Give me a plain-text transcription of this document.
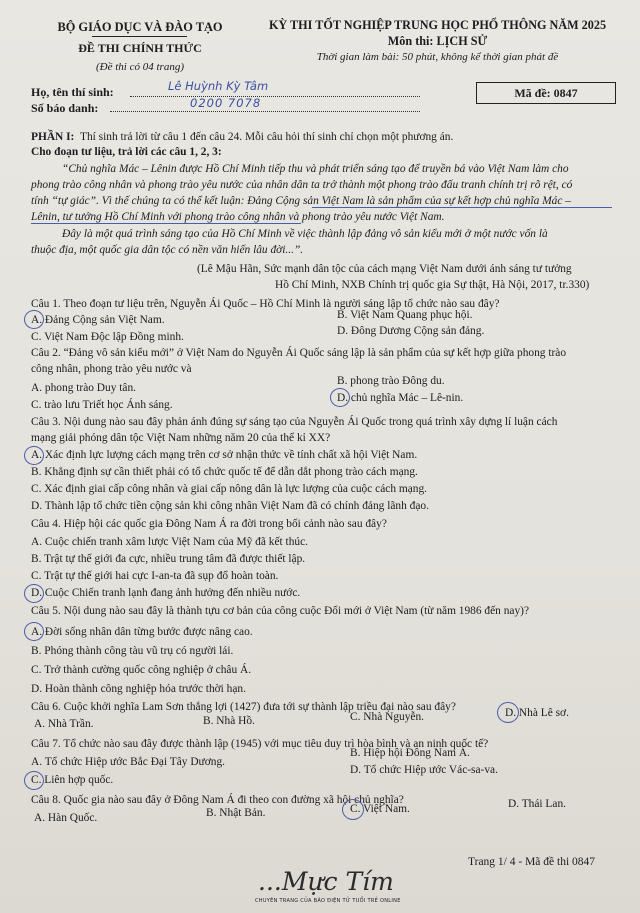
BỘ GIÁO DỤC VÀ ĐÀO TẠO
ĐỀ THI CHÍNH THỨC
(Đề thi có 04 trang)
KỲ THI TỐT NGHIỆP TRUNG HỌC PHỔ THÔNG NĂM 2025
Môn thi: LỊCH SỬ
Thời gian làm bài: 50 phút, không kể thời gian phát đề
Họ, tên thí sinh:	Lê Huỳnh Kỳ Tâm
Số báo danh:	0200 7078
Mã đề: 0847
PHẦN I: Thí sinh trả lời từ câu 1 đến câu 24. Mỗi câu hỏi thí sinh chỉ chọn một phương án.
Cho đoạn tư liệu, trả lời các câu 1, 2, 3:
“Chủ nghĩa Mác – Lênin được Hồ Chí Minh tiếp thu và phát triển sáng tạo để truyền bá vào Việt Nam làm cho
phong trào công nhân và phong trào yêu nước của nhân dân ta trở thành một phong trào đấu tranh chính trị rõ rệt, có
tính “tự giác”. Vì thế chúng ta có thể kết luận: Đảng Cộng sản Việt Nam là sản phẩm của sự kết hợp chủ nghĩa Mác –
Lênin, tư tưởng Hồ Chí Minh với phong trào công nhân và phong trào yêu nước Việt Nam.
Đây là một quá trình sáng tạo của Hồ Chí Minh về việc thành lập đảng vô sản kiểu mới ở một nước vốn là
thuộc địa, một quốc gia dân tộc có nền văn hiến lâu đời...”.
(Lê Mậu Hãn, Sức mạnh dân tộc của cách mạng Việt Nam dưới ánh sáng tư tưởng
Hồ Chí Minh, NXB Chính trị quốc gia Sự thật, Hà Nội, 2017, tr.330)
Câu 1. Theo đoạn tư liệu trên, Nguyễn Ái Quốc – Hồ Chí Minh là người sáng lập tổ chức nào sau đây?
A. Đảng Cộng sản Việt Nam.	B. Việt Nam Quang phục hội.
C. Việt Nam Độc lập Đồng minh.	D. Đông Dương Cộng sản đảng.
Câu 2. “Đảng vô sản kiểu mới” ở Việt Nam do Nguyễn Ái Quốc sáng lập là sản phẩm của sự kết hợp giữa phong trào
công nhân, phong trào yêu nước và
A. phong trào Duy tân.
B. phong trào Đông du.
C. trào lưu Triết học Ánh sáng.
D. chủ nghĩa Mác – Lê-nin.
Câu 3. Nội dung nào sau đây phản ánh đúng sự sáng tạo của Nguyễn Ái Quốc trong quá trình xây dựng lí luận cách
mạng giải phóng dân tộc Việt Nam những năm 20 của thế kỉ XX?
A. Xác định lực lượng cách mạng trên cơ sở nhận thức về tính chất xã hội Việt Nam.
B. Khẳng định sự cần thiết phải có tổ chức quốc tế để dẫn dắt phong trào cách mạng.
C. Xác định giai cấp công nhân và giai cấp nông dân là lực lượng của cuộc cách mạng.
D. Thành lập tổ chức tiền cộng sản khi công nhân Việt Nam đã có chính đảng lãnh đạo.
Câu 4. Hiệp hội các quốc gia Đông Nam Á ra đời trong bối cảnh nào sau đây?
A. Cuộc chiến tranh xâm lược Việt Nam của Mỹ đã kết thúc.
B. Trật tự thế giới đa cực, nhiều trung tâm đã được thiết lập.
C. Trật tự thế giới hai cực I-an-ta đã sụp đổ hoàn toàn.
D. Cuộc Chiến tranh lạnh đang ảnh hưởng đến nhiều nước.
Câu 5. Nội dung nào sau đây là thành tựu cơ bản của công cuộc Đổi mới ở Việt Nam (từ năm 1986 đến nay)?
A. Đời sống nhân dân từng bước được nâng cao.
B. Phóng thành công tàu vũ trụ có người lái.
C. Trở thành cường quốc công nghiệp ở châu Á.
D. Hoàn thành công nghiệp hóa trước thời hạn.
Câu 6. Cuộc khởi nghĩa Lam Sơn thắng lợi (1427) đưa tới sự thành lập triều đại nào sau đây?
A. Nhà Trần.	B. Nhà Hồ.	C. Nhà Nguyễn.	D. Nhà Lê sơ.
Câu 7. Tổ chức nào sau đây được thành lập (1945) với mục tiêu duy trì hòa bình và an ninh quốc tế?
A. Tổ chức Hiệp ước Bắc Đại Tây Dương.
B. Hiệp hội Đông Nam Á.
C. Liên hợp quốc.
D. Tổ chức Hiệp ước Vác-sa-va.
Câu 8. Quốc gia nào sau đây ở Đông Nam Á đi theo con đường xã hội chủ nghĩa?
A. Hàn Quốc.	B. Nhật Bản.	C. Việt Nam.	D. Thái Lan.
Trang 1/ 4 - Mã đề thi 0847
...Mực Tím
CHUYÊN TRANG CỦA BÁO ĐIỆN TỬ TUỔI TRẺ ONLINE
